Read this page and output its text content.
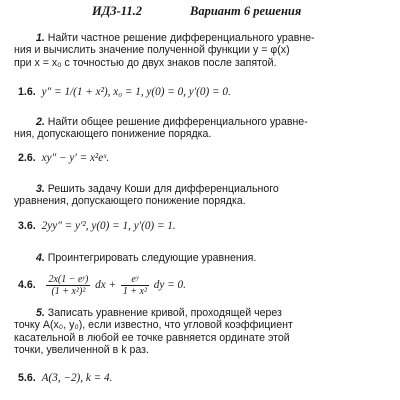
ИДЗ-11.2	Вариант 6 решения
1. Найти частное решение дифференциального уравне-
ния и вычислить значение полученной функции y = φ(x)
при x = x₀ с точностью до двух знаков после запятой.
1.6. y″ = 1/(1 + x²), x₀ = 1, y(0) = 0, y′(0) = 0.
2. Найти общее решение дифференциального уравне-
ния, допускающего понижение порядка.
2.6. xy″ − y′ = x²eˣ.
3. Решить задачу Коши для дифференциального
уравнения, допускающего понижение порядка.
3.6. 2yy″ = y′², y(0) = 1, y′(0) = 1.
4. Проинтегрировать следующие уравнения.
4.6. $\frac{\text{2x(1 − eʸ)}}{\text{(1 + x²)²}}$ dx + $\frac{\text{eʸ}}{\text{1 + x²}}$ dy = 0.
5. Записать уравнение кривой, проходящей через
точку A(x₀, y₀), если известно, что угловой коэффициент
касательной в любой ее точке равняется ординате этой
точки, увеличенной в k раз.
5.6. A(3, −2), k = 4.
